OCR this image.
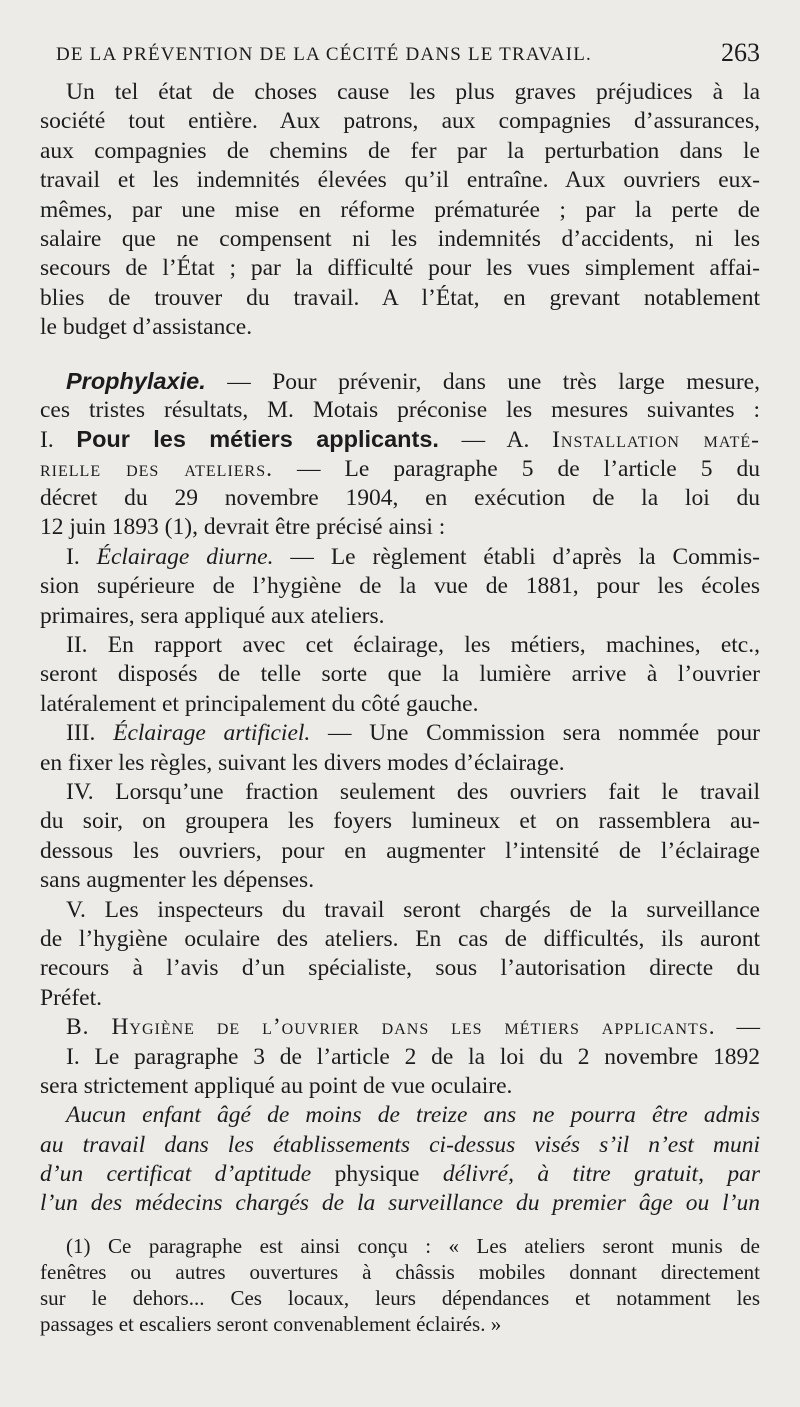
DE LA PRÉVENTION DE LA CÉCITÉ DANS LE TRAVAIL.	263
Un tel état de choses cause les plus graves préjudices à la
société tout entière. Aux patrons, aux compagnies d’assurances,
aux compagnies de chemins de fer par la perturbation dans le
travail et les indemnités élevées qu’il entraîne. Aux ouvriers eux-
mêmes, par une mise en réforme prématurée ; par la perte de
salaire que ne compensent ni les indemnités d’accidents, ni les
secours de l’État ; par la difficulté pour les vues simplement affai-
blies de trouver du travail. A l’État, en grevant notablement
le budget d’assistance.
Prophylaxie. — Pour prévenir, dans une très large mesure,
ces tristes résultats, M. Motais préconise les mesures suivantes :
I. Pour les métiers applicants. — A. Installation maté-
rielle des ateliers. — Le paragraphe 5 de l’article 5 du
décret du 29 novembre 1904, en exécution de la loi du
12 juin 1893 (1), devrait être précisé ainsi :
I. Éclairage diurne. — Le règlement établi d’après la Commis-
sion supérieure de l’hygiène de la vue de 1881, pour les écoles
primaires, sera appliqué aux ateliers.
II. En rapport avec cet éclairage, les métiers, machines, etc.,
seront disposés de telle sorte que la lumière arrive à l’ouvrier
latéralement et principalement du côté gauche.
III. Éclairage artificiel. — Une Commission sera nommée pour
en fixer les règles, suivant les divers modes d’éclairage.
IV. Lorsqu’une fraction seulement des ouvriers fait le travail
du soir, on groupera les foyers lumineux et on rassemblera au-
dessous les ouvriers, pour en augmenter l’intensité de l’éclairage
sans augmenter les dépenses.
V. Les inspecteurs du travail seront chargés de la surveillance
de l’hygiène oculaire des ateliers. En cas de difficultés, ils auront
recours à l’avis d’un spécialiste, sous l’autorisation directe du
Préfet.
B. Hygiène de l’ouvrier dans les métiers applicants. —
I. Le paragraphe 3 de l’article 2 de la loi du 2 novembre 1892
sera strictement appliqué au point de vue oculaire.
Aucun enfant âgé de moins de treize ans ne pourra être admis
au travail dans les établissements ci-dessus visés s’il n’est muni
d’un certificat d’aptitude physique délivré, à titre gratuit, par
l’un des médecins chargés de la surveillance du premier âge ou l’un
(1) Ce paragraphe est ainsi conçu : « Les ateliers seront munis de
fenêtres ou autres ouvertures à châssis mobiles donnant directement
sur le dehors... Ces locaux, leurs dépendances et notamment les
passages et escaliers seront convenablement éclairés. »
